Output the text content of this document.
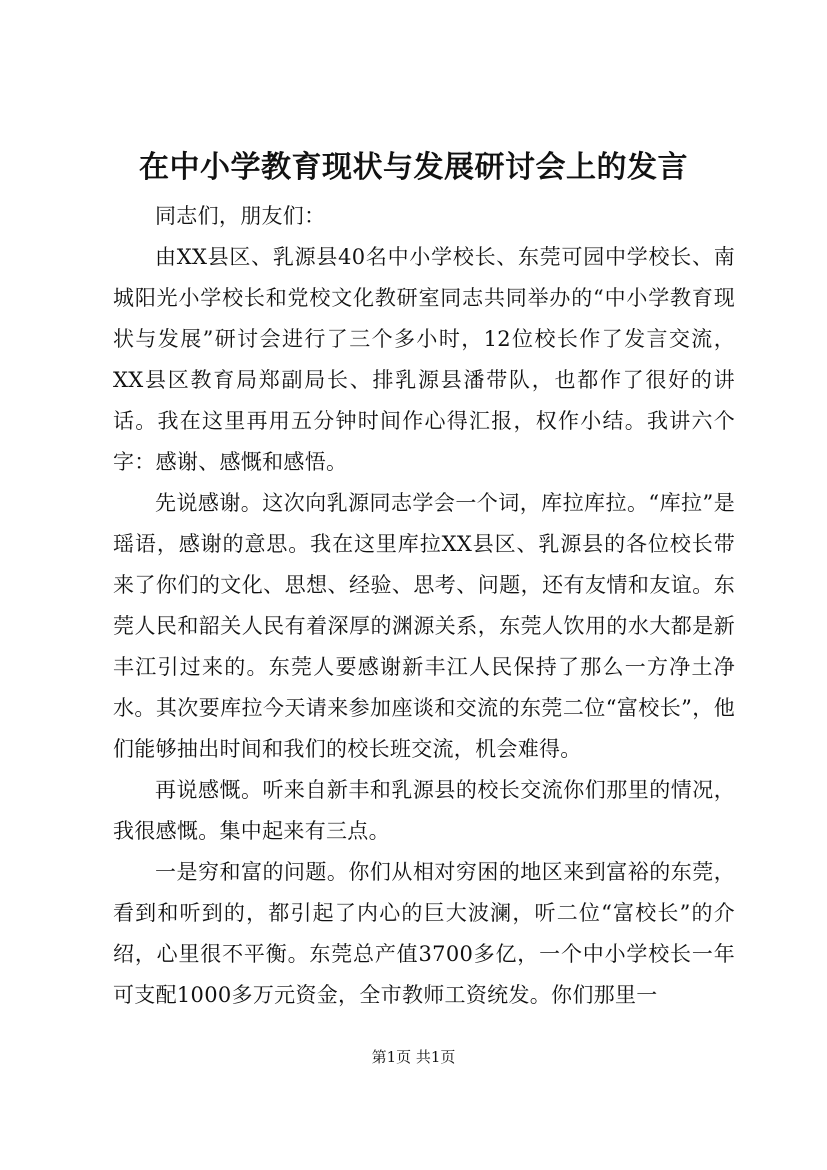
在中小学教育现状与发展研讨会上的发言

同志们，朋友们：

由XX县区、乳源县40名中小学校长、东莞可园中学校长、南城阳光小学校长和党校文化教研室同志共同举办的“中小学教育现状与发展”研讨会进行了三个多小时，12位校长作了发言交流，XX县区教育局郑副局长、排乳源县潘带队，也都作了很好的讲话。我在这里再用五分钟时间作心得汇报，权作小结。我讲六个字：感谢、感慨和感悟。

先说感谢。这次向乳源同志学会一个词，库拉库拉。“库拉”是瑶语，感谢的意思。我在这里库拉XX县区、乳源县的各位校长带来了你们的文化、思想、经验、思考、问题，还有友情和友谊。东莞人民和韶关人民有着深厚的渊源关系，东莞人饮用的水大都是新丰江引过来的。东莞人要感谢新丰江人民保持了那么一方净土净水。其次要库拉今天请来参加座谈和交流的东莞二位“富校长”，他们能够抽出时间和我们的校长班交流，机会难得。

再说感慨。听来自新丰和乳源县的校长交流你们那里的情况，我很感慨。集中起来有三点。

一是穷和富的问题。你们从相对穷困的地区来到富裕的东莞，看到和听到的，都引起了内心的巨大波澜，听二位“富校长”的介绍，心里很不平衡。东莞总产值3700多亿，一个中小学校长一年可支配1000多万元资金，全市教师工资统发。你们那里一

第1页 共1页
